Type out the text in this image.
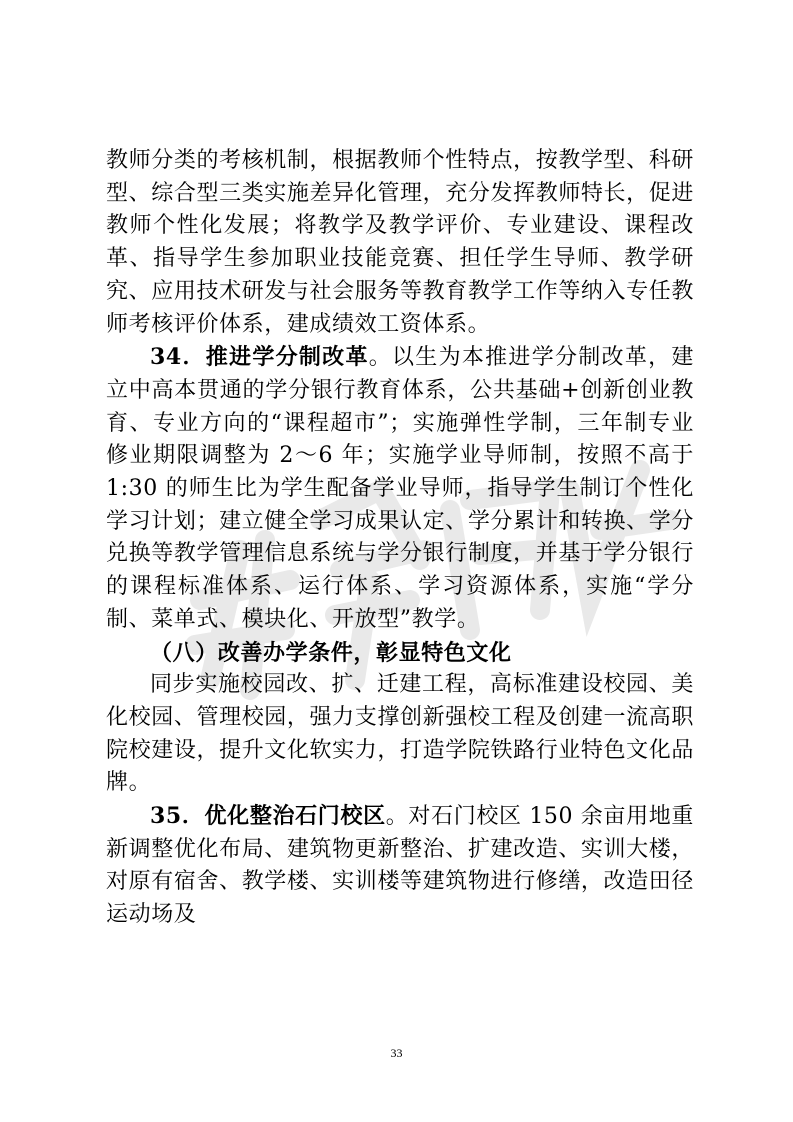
教师分类的考核机制，根据教师个性特点，按教学型、科研型、综合型三类实施差异化管理，充分发挥教师特长，促进教师个性化发展；将教学及教学评价、专业建设、课程改革、指导学生参加职业技能竞赛、担任学生导师、教学研究、应用技术研发与社会服务等教育教学工作等纳入专任教师考核评价体系，建成绩效工资体系。

34．推进学分制改革。以生为本推进学分制改革，建立中高本贯通的学分银行教育体系，公共基础+创新创业教育、专业方向的“课程超市”；实施弹性学制，三年制专业修业期限调整为 2～6 年；实施学业导师制，按照不高于 1:30 的师生比为学生配备学业导师，指导学生制订个性化学习计划；建立健全学习成果认定、学分累计和转换、学分兑换等教学管理信息系统与学分银行制度，并基于学分银行的课程标准体系、运行体系、学习资源体系，实施“学分制、菜单式、模块化、开放型”教学。

（八）改善办学条件，彰显特色文化

同步实施校园改、扩、迁建工程，高标准建设校园、美化校园、管理校园，强力支撑创新强校工程及创建一流高职院校建设，提升文化软实力，打造学院铁路行业特色文化品牌。

35．优化整治石门校区。对石门校区 150 余亩用地重新调整优化布局、建筑物更新整治、扩建改造、实训大楼，对原有宿舍、教学楼、实训楼等建筑物进行修缮，改造田径运动场及

33
